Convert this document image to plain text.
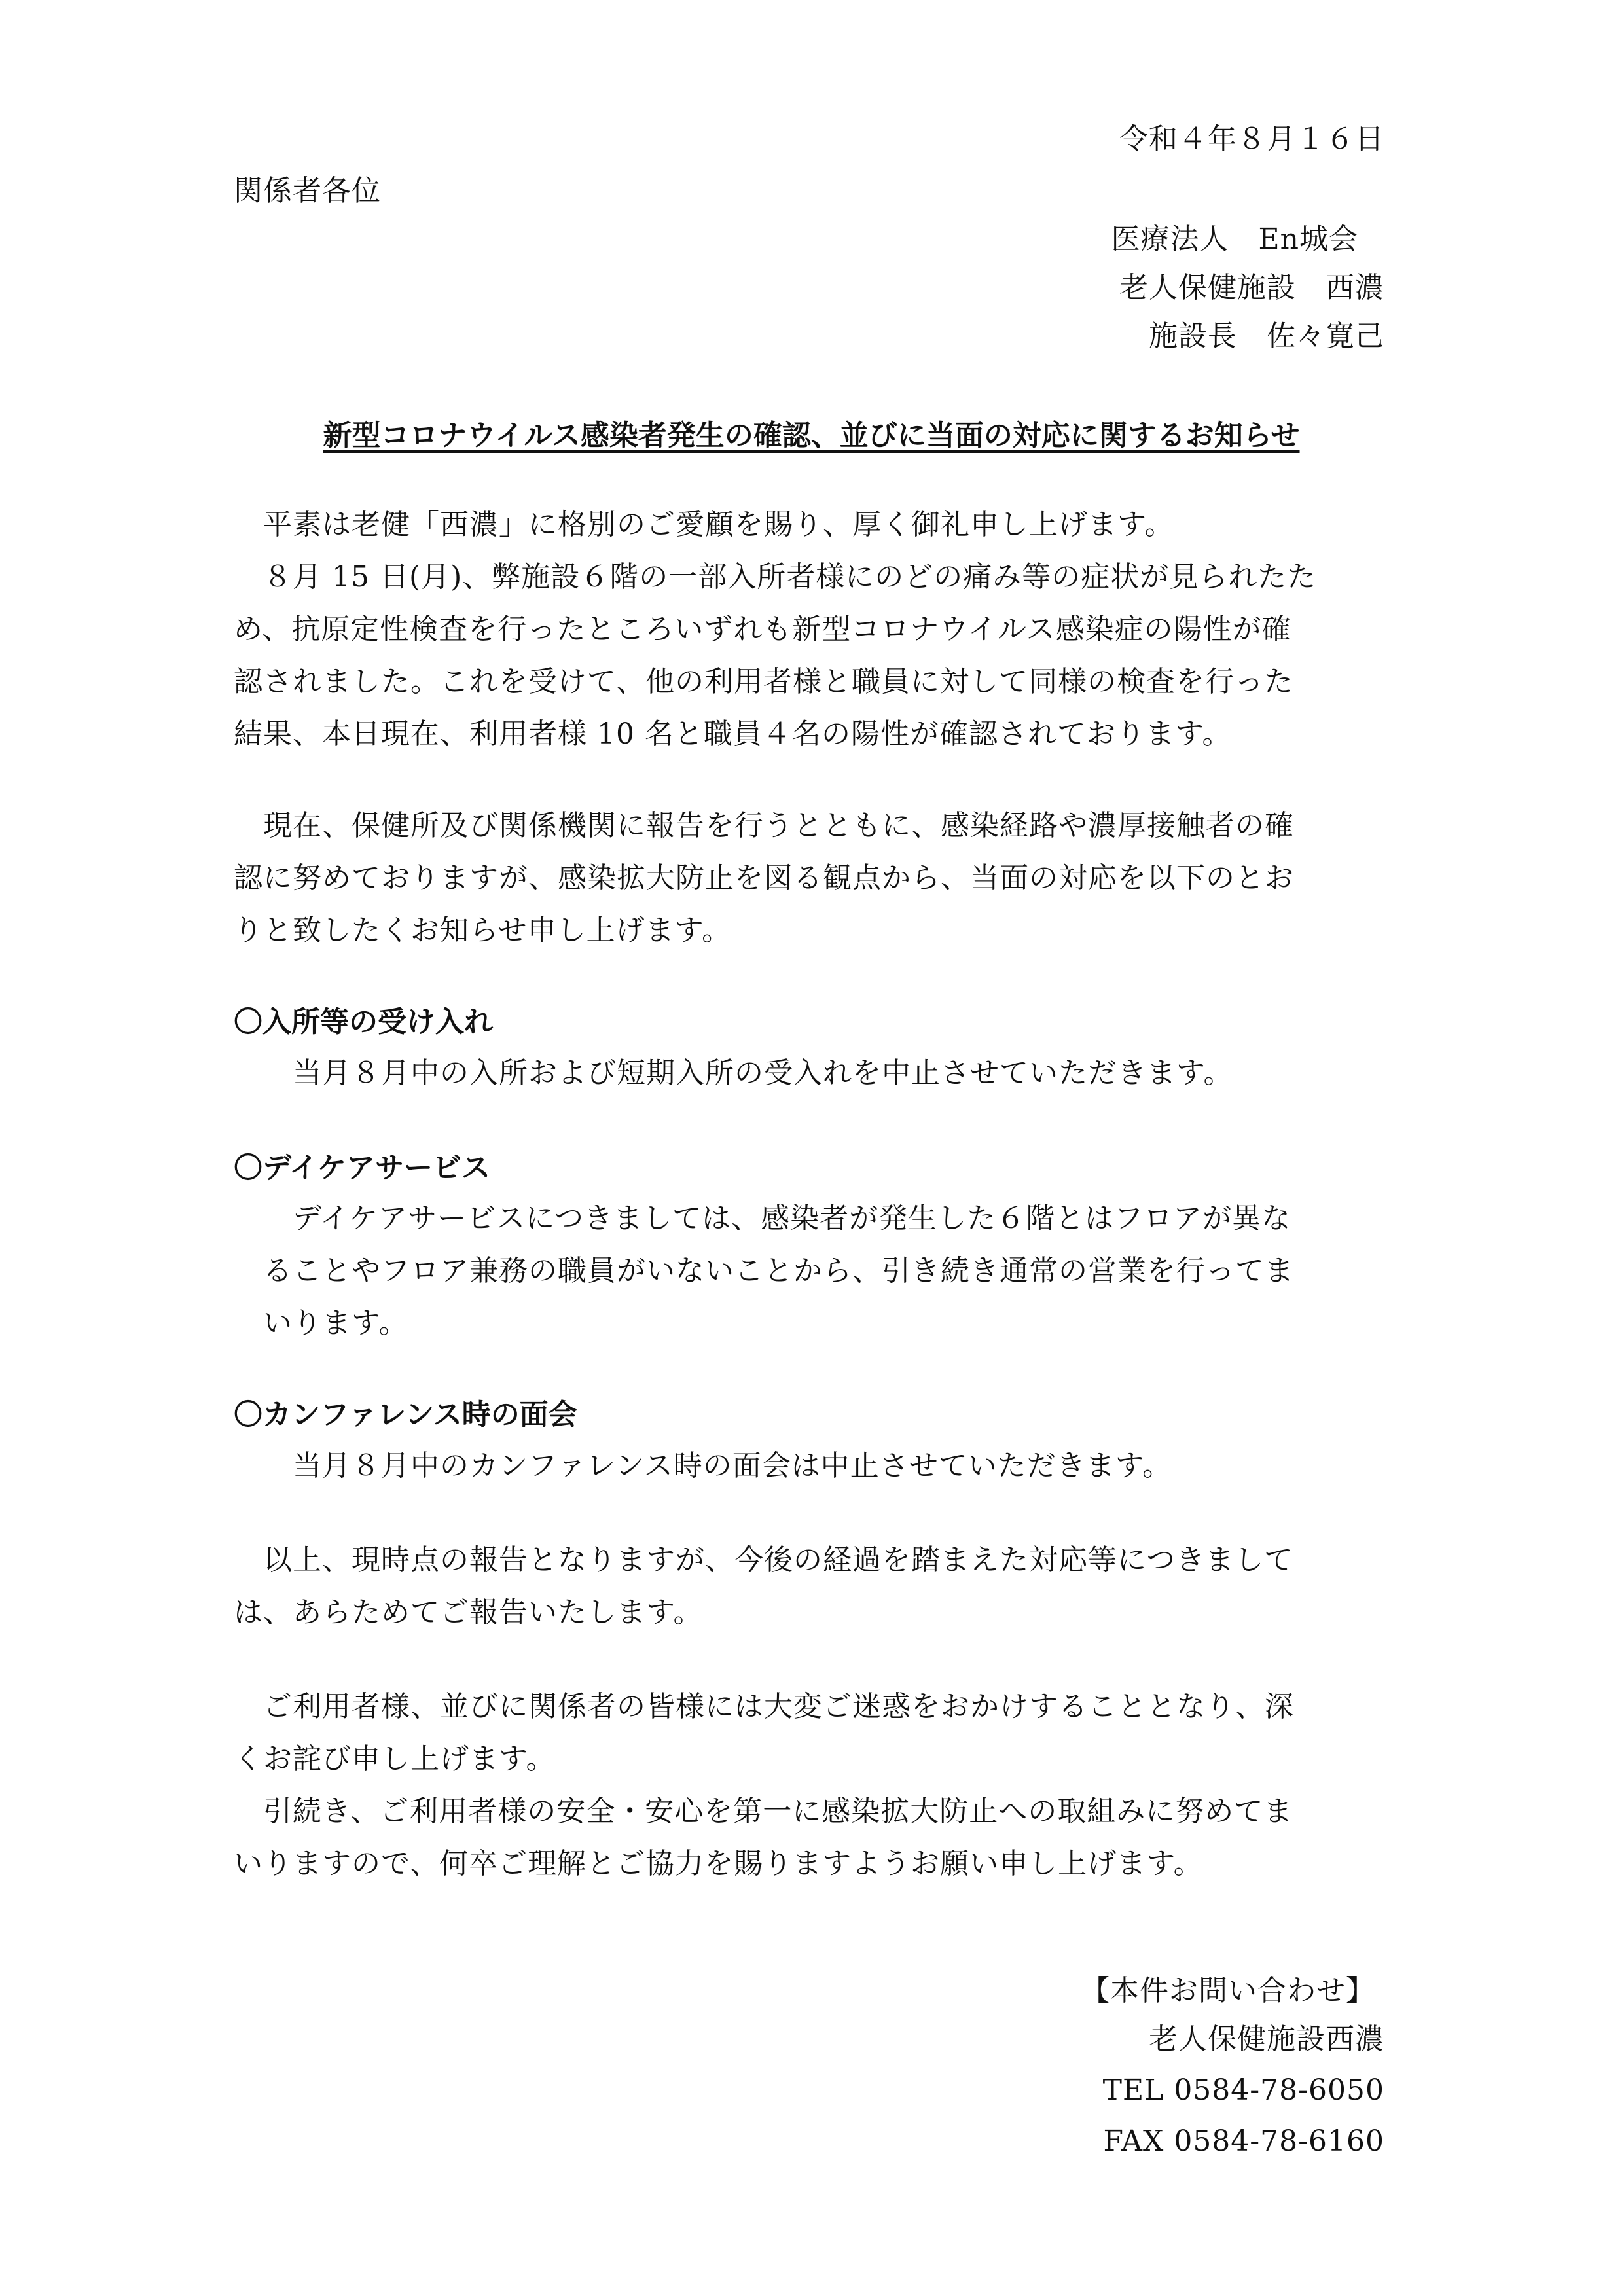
令和４年８月１６日
関係者各位
医療法人　En城会
老人保健施設　西濃
施設長　佐々寛己
新型コロナウイルス感染者発生の確認、並びに当面の対応に関するお知らせ
　平素は老健「西濃」に格別のご愛顧を賜り、厚く御礼申し上げます。
　８月 15 日(月)、弊施設６階の一部入所者様にのどの痛み等の症状が見られたた
め、抗原定性検査を行ったところいずれも新型コロナウイルス感染症の陽性が確
認されました。これを受けて、他の利用者様と職員に対して同様の検査を行った
結果、本日現在、利用者様 10 名と職員４名の陽性が確認されております。
　現在、保健所及び関係機関に報告を行うとともに、感染経路や濃厚接触者の確
認に努めておりますが、感染拡大防止を図る観点から、当面の対応を以下のとお
りと致したくお知らせ申し上げます。
〇入所等の受け入れ
　　当月８月中の入所および短期入所の受入れを中止させていただきます。
〇デイケアサービス
　　デイケアサービスにつきましては、感染者が発生した６階とはフロアが異な
　ることやフロア兼務の職員がいないことから、引き続き通常の営業を行ってま
　いります。
〇カンファレンス時の面会
　　当月８月中のカンファレンス時の面会は中止させていただきます。
　以上、現時点の報告となりますが、今後の経過を踏まえた対応等につきまして
は、あらためてご報告いたします。
　ご利用者様、並びに関係者の皆様には大変ご迷惑をおかけすることとなり、深
くお詫び申し上げます。
　引続き、ご利用者様の安全・安心を第一に感染拡大防止への取組みに努めてま
いりますので、何卒ご理解とご協力を賜りますようお願い申し上げます。
【本件お問い合わせ】
老人保健施設西濃
TEL 0584-78-6050
FAX 0584-78-6160
